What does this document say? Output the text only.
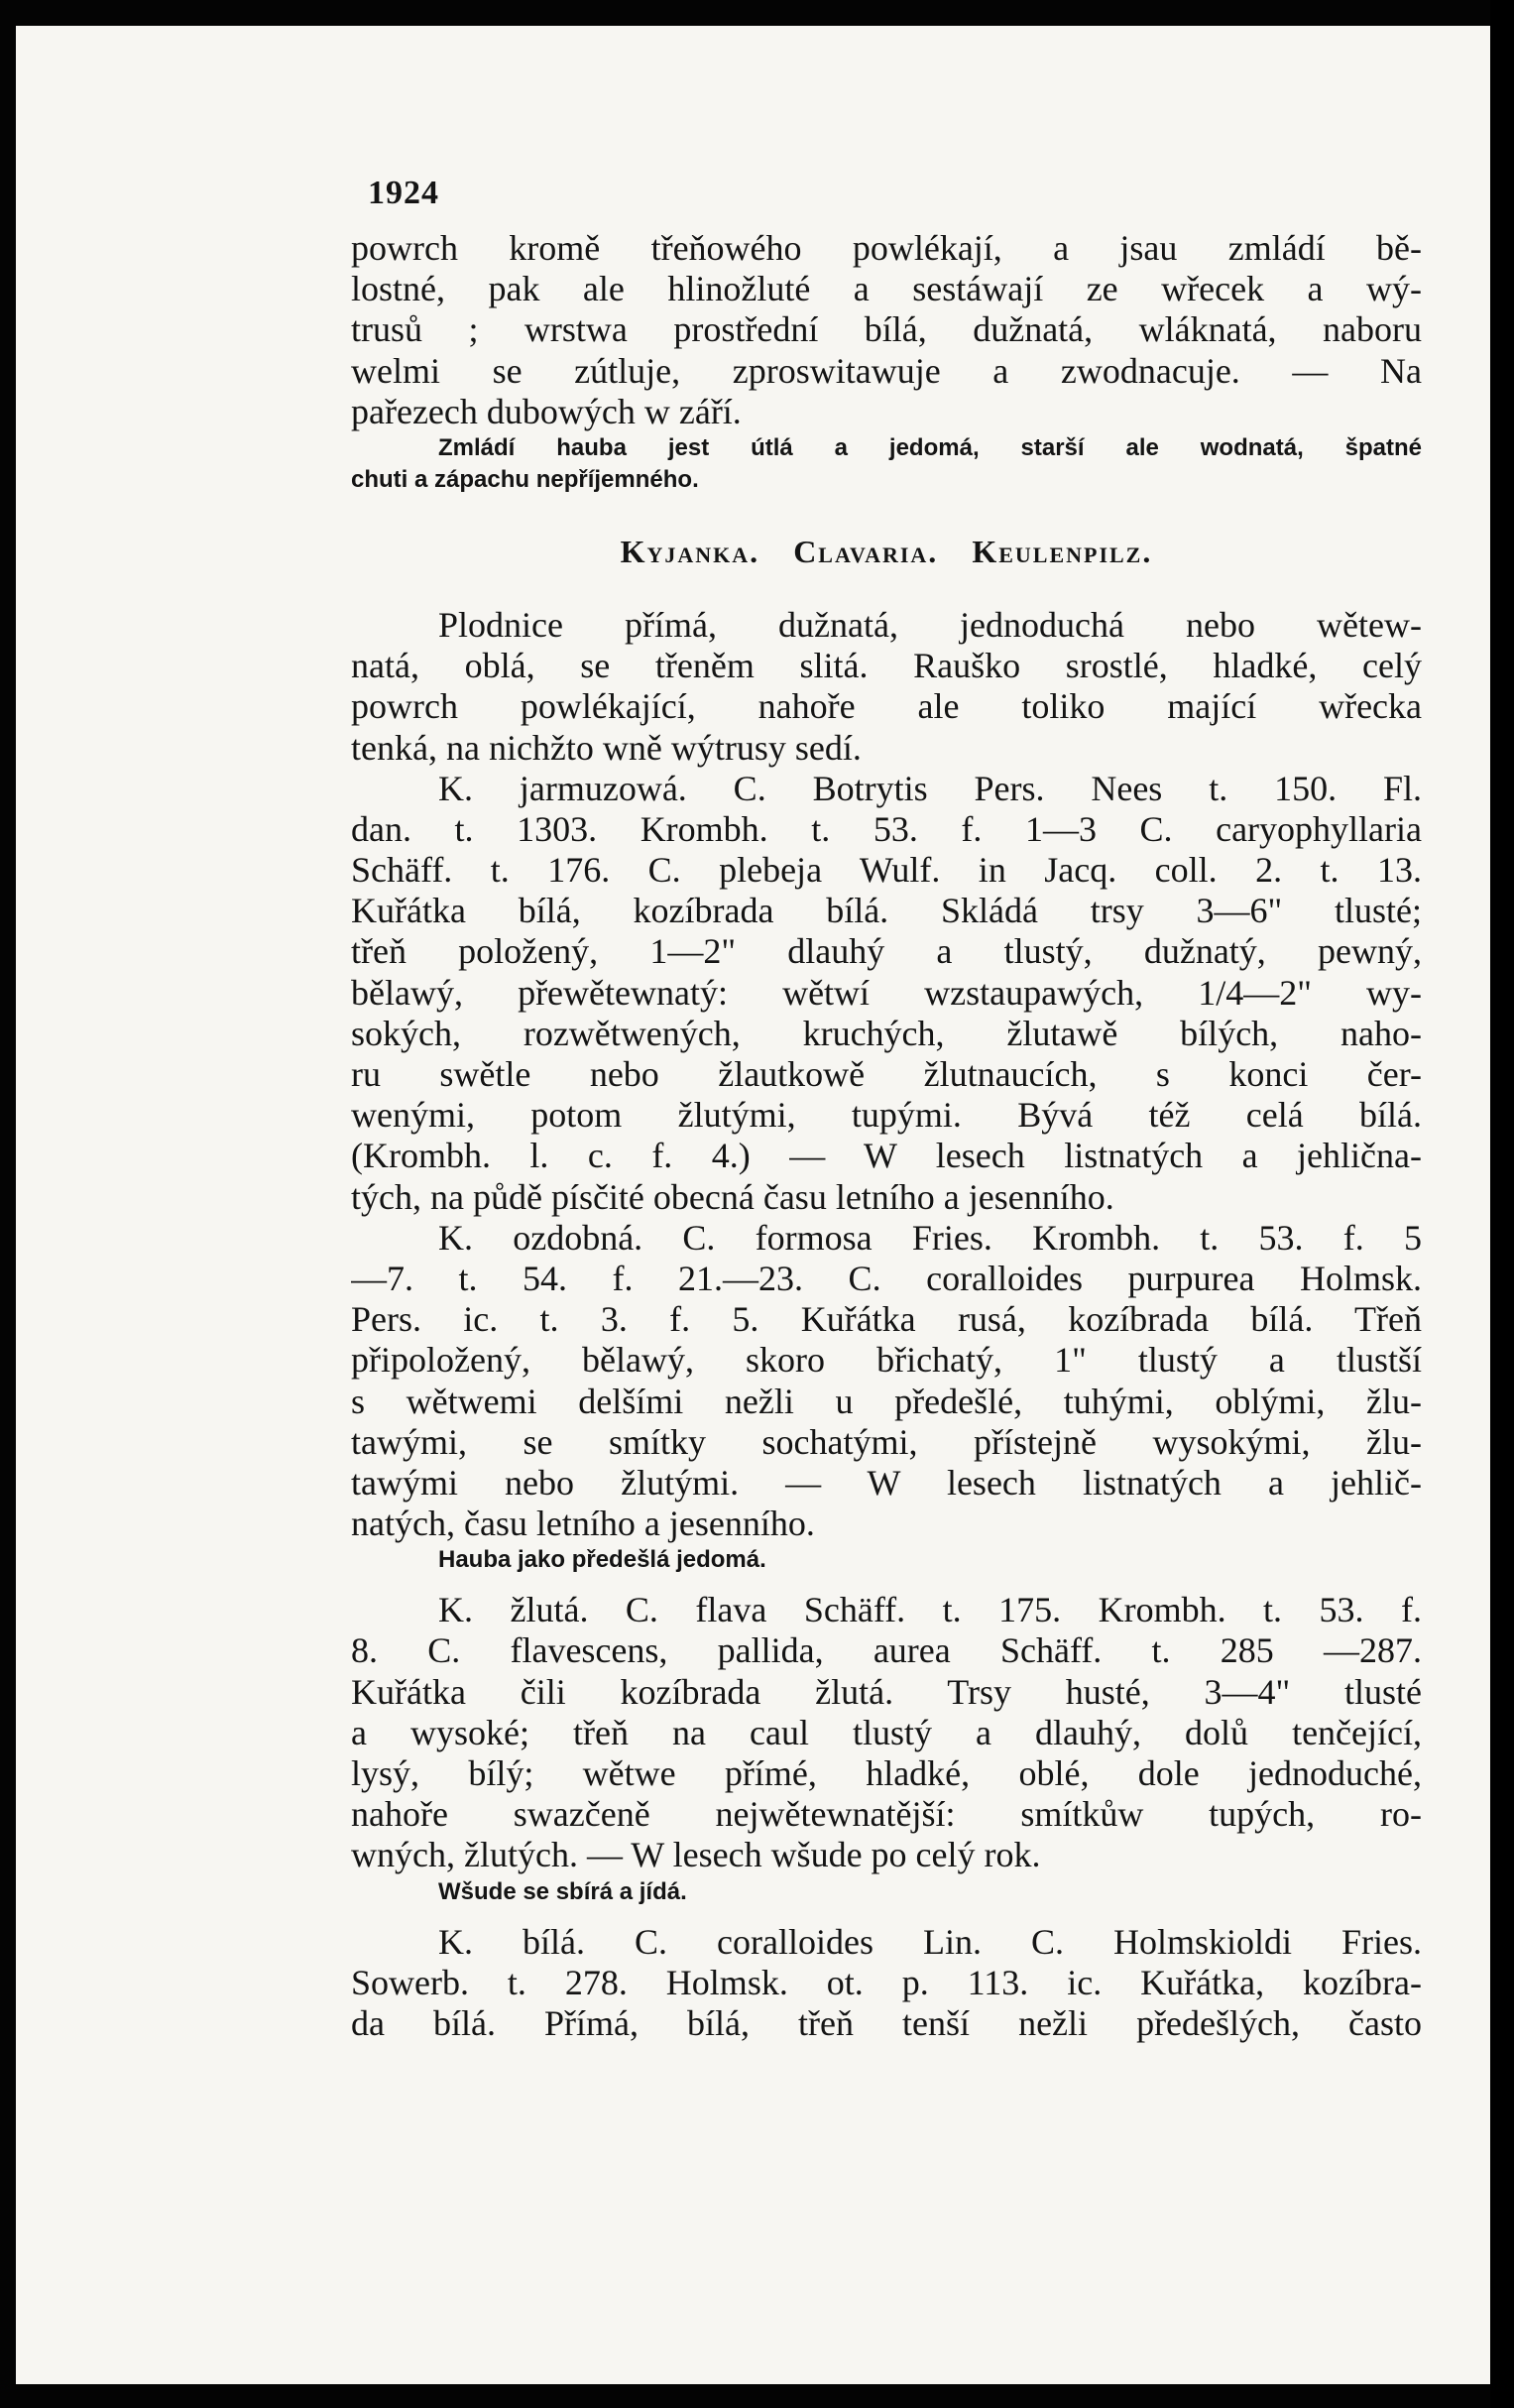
1924
powrch kromě třeňowého powlékají, a jsau zmládí bě-
lostné, pak ale hlinožluté a sestáwají ze wřecek a wý-
trusů ; wrstwa prostřední bílá, dužnatá, wláknatá, naboru
welmi se zútluje, zproswitawuje a zwodnacuje. — Na
pařezech dubowých w září.
Zmládí hauba jest útlá a jedomá, starší ale wodnatá, špatné
chuti a zápachu nepříjemného.
Kyjanka. Clavaria. Keulenpilz.
Plodnice přímá, dužnatá, jednoduchá nebo wětew-
natá, oblá, se třeněm slitá. Rauško srostlé, hladké, celý
powrch powlékající, nahoře ale toliko mající wřecka
tenká, na nichžto wně wýtrusy sedí.
K. jarmuzowá. C. Botrytis Pers. Nees t. 150. Fl.
dan. t. 1303. Krombh. t. 53. f. 1—3 C. caryophyllaria
Schäff. t. 176. C. plebeja Wulf. in Jacq. coll. 2. t. 13.
Kuřátka bílá, kozíbrada bílá. Skládá trsy 3—6" tlusté;
třeň položený, 1—2" dlauhý a tlustý, dužnatý, pewný,
bělawý, přewětewnatý: wětwí wzstaupawých, 1/4—2" wy-
sokých, rozwětwených, kruchých, žlutawě bílých, naho-
ru swětle nebo žlautkowě žlutnaucích, s konci čer-
wenými, potom žlutými, tupými. Bývá též celá bílá.
(Krombh. l. c. f. 4.) — W lesech listnatých a jehlična-
tých, na půdě písčité obecná času letního a jesenního.
K. ozdobná. C. formosa Fries. Krombh. t. 53. f. 5
—7. t. 54. f. 21.—23. C. coralloides purpurea Holmsk.
Pers. ic. t. 3. f. 5. Kuřátka rusá, kozíbrada bílá. Třeň
připoložený, bělawý, skoro břichatý, 1" tlustý a tlustší
s wětwemi delšími nežli u předešlé, tuhými, oblými, žlu-
tawými, se smítky sochatými, přístejně wysokými, žlu-
tawými nebo žlutými. — W lesech listnatých a jehlič-
natých, času letního a jesenního.
Hauba jako předešlá jedomá.
K. žlutá. C. flava Schäff. t. 175. Krombh. t. 53. f.
8. C. flavescens, pallida, aurea Schäff. t. 285 —287.
Kuřátka čili kozíbrada žlutá. Trsy husté, 3—4" tlusté
a wysoké; třeň na caul tlustý a dlauhý, dolů tenčející,
lysý, bílý; wětwe přímé, hladké, oblé, dole jednoduché,
nahoře swazčeně nejwětewnatější: smítkůw tupých, ro-
wných, žlutých. — W lesech wšude po celý rok.
Wšude se sbírá a jídá.
K. bílá. C. coralloides Lin. C. Holmskioldi Fries.
Sowerb. t. 278. Holmsk. ot. p. 113. ic. Kuřátka, kozíbra-
da bílá. Přímá, bílá, třeň tenší nežli předešlých, často
